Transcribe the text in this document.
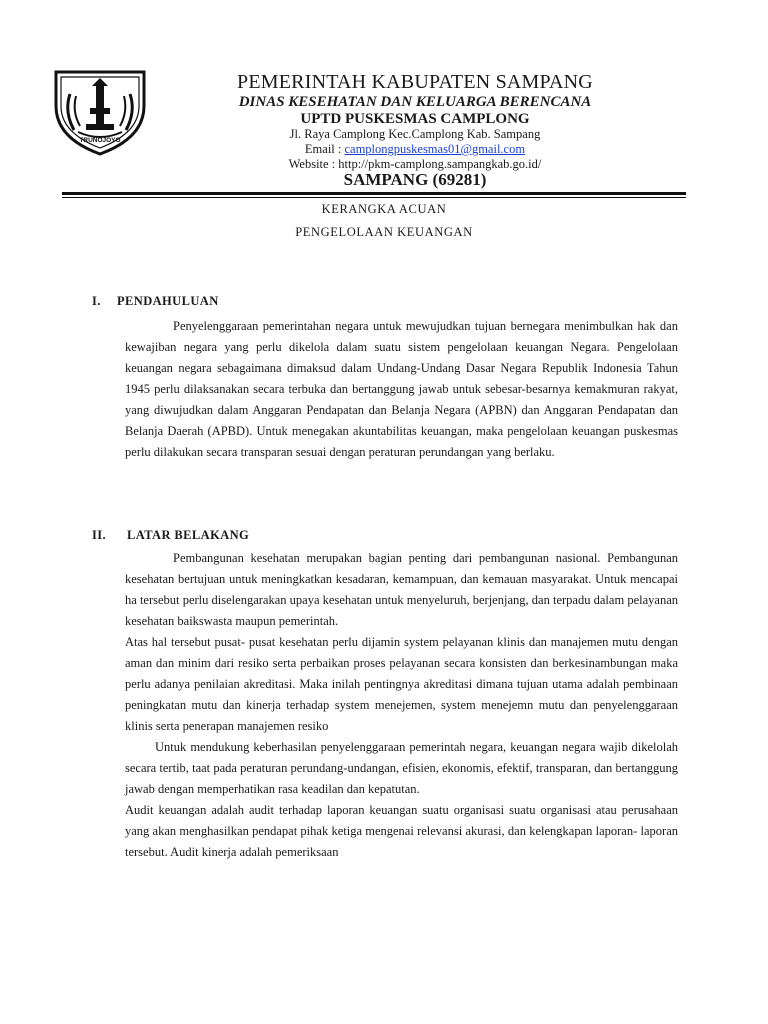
TRUNOJOYO
PEMERINTAH KABUPATEN SAMPANG
DINAS KESEHATAN DAN KELUARGA BERENCANA
UPTD PUSKESMAS CAMPLONG
Jl. Raya Camplong Kec.Camplong Kab. Sampang
Email : camplongpuskesmas01@gmail.com
Website : http://pkm-camplong.sampangkab.go.id/
SAMPANG (69281)
KERANGKA ACUAN
PENGELOLAAN KEUANGAN
I. PENDAHULUAN

Penyelenggaraan pemerintahan negara untuk mewujudkan tujuan bernegara menimbulkan hak dan kewajiban negara yang perlu dikelola dalam suatu sistem pengelolaan keuangan Negara. Pengelolaan keuangan negara sebagaimana dimaksud dalam Undang-Undang Dasar Negara Republik Indonesia Tahun 1945 perlu dilaksanakan secara terbuka dan bertanggung jawab untuk sebesar-besarnya kemakmuran rakyat, yang diwujudkan dalam Anggaran Pendapatan dan Belanja Negara (APBN) dan Anggaran Pendapatan dan Belanja Daerah (APBD). Untuk menegakan akuntabilitas keuangan, maka pengelolaan keuangan puskesmas perlu dilakukan secara transparan sesuai dengan peraturan perundangan yang berlaku.

II. LATAR BELAKANG

Pembangunan kesehatan merupakan bagian penting dari pembangunan nasional. Pembangunan kesehatan bertujuan untuk meningkatkan kesadaran, kemampuan, dan kemauan masyarakat. Untuk mencapai ha tersebut perlu diselengarakan upaya kesehatan untuk menyeluruh, berjenjang, dan terpadu dalam pelayanan kesehatan baikswasta maupun pemerintah.

Atas hal tersebut pusat- pusat kesehatan perlu dijamin system pelayanan klinis dan manajemen mutu dengan aman dan minim dari resiko serta perbaikan proses pelayanan secara konsisten dan berkesinambungan maka perlu adanya penilaian akreditasi. Maka inilah pentingnya akreditasi dimana tujuan utama adalah pembinaan peningkatan mutu dan kinerja terhadap system menejemen, system menejemn mutu dan penyelenggaraan klinis serta penerapan manajemen resiko

Untuk mendukung keberhasilan penyelenggaraan pemerintah negara, keuangan negara wajib dikelolah secara tertib, taat pada peraturan perundang-undangan, efisien, ekonomis, efektif, transparan, dan bertanggung jawab dengan memperhatikan rasa keadilan dan kepatutan.

Audit keuangan adalah audit terhadap laporan keuangan suatu organisasi suatu organisasi atau perusahaan yang akan menghasilkan pendapat pihak ketiga mengenai relevansi akurasi, dan kelengkapan laporan- laporan tersebut. Audit kinerja adalah pemeriksaan
